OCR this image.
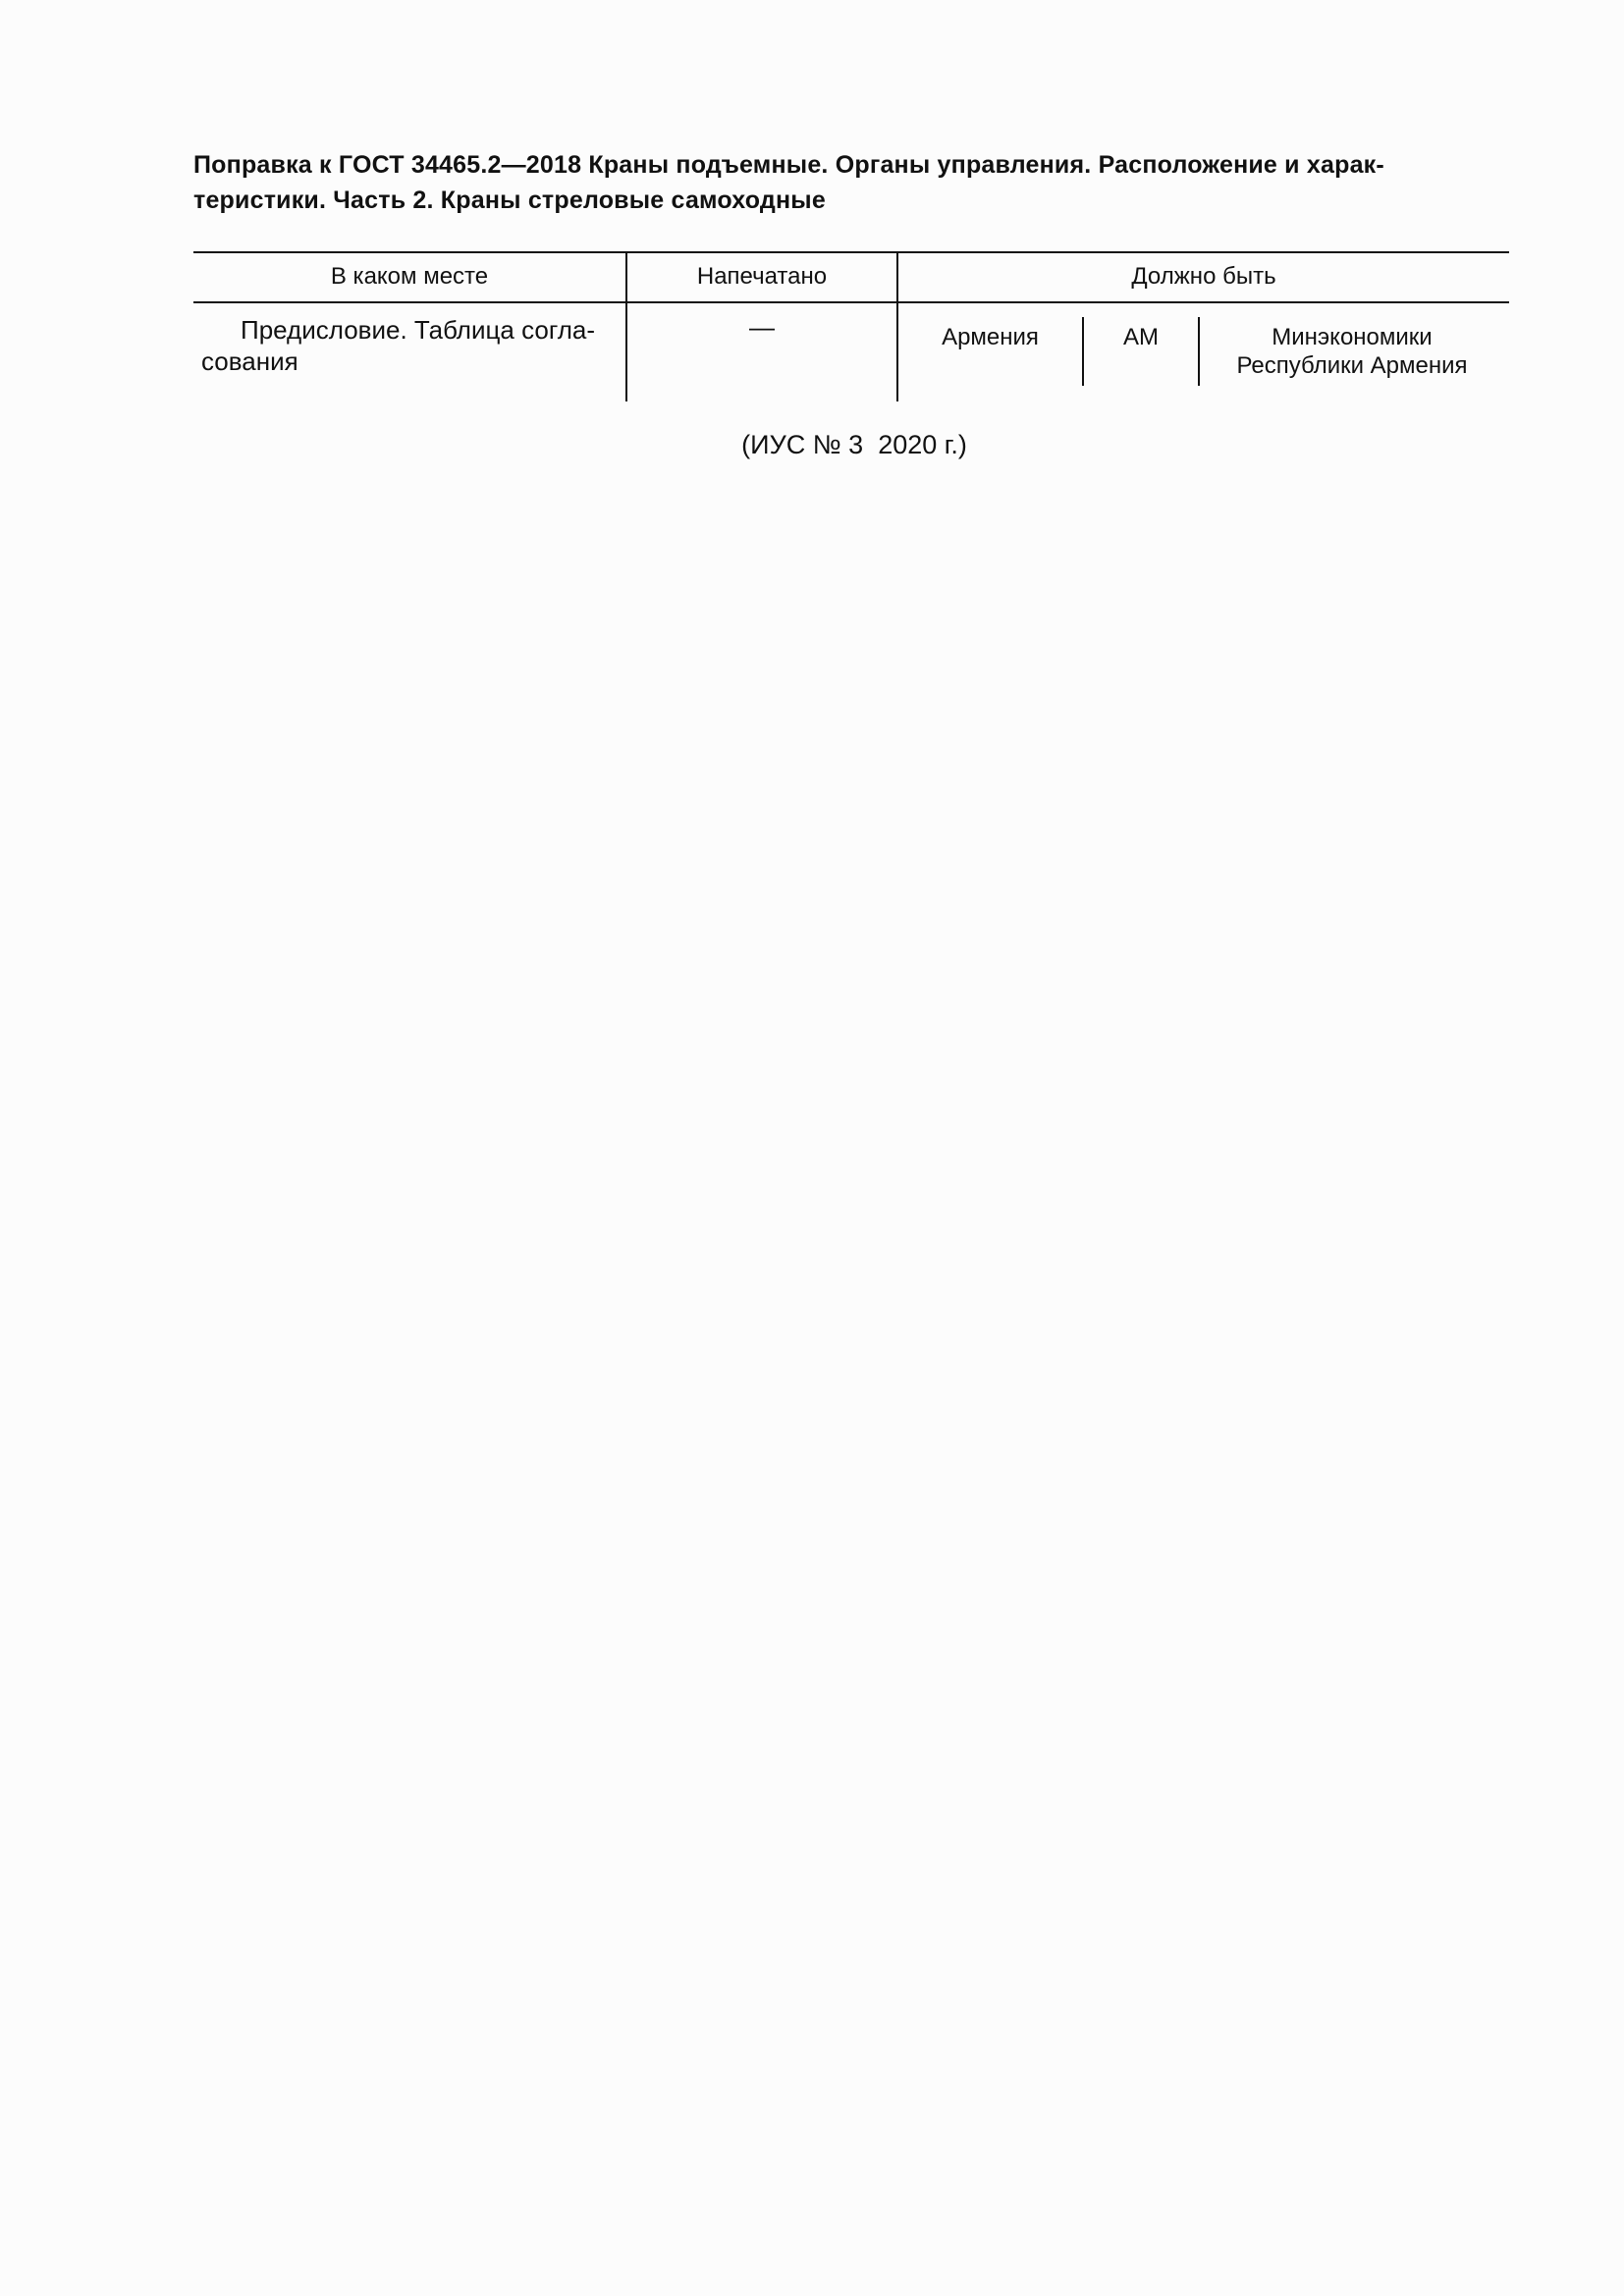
Поправка к ГОСТ 34465.2—2018 Краны подъемные. Органы управления. Расположение и харак-
теристики. Часть 2. Краны стреловые самоходные
В каком месте	Напечатано	Должно быть
Предисловие. Таблица согла-
сования
—	Армения	AM	Минэкономики
Республики Армения
(ИУС № 3  2020 г.)
